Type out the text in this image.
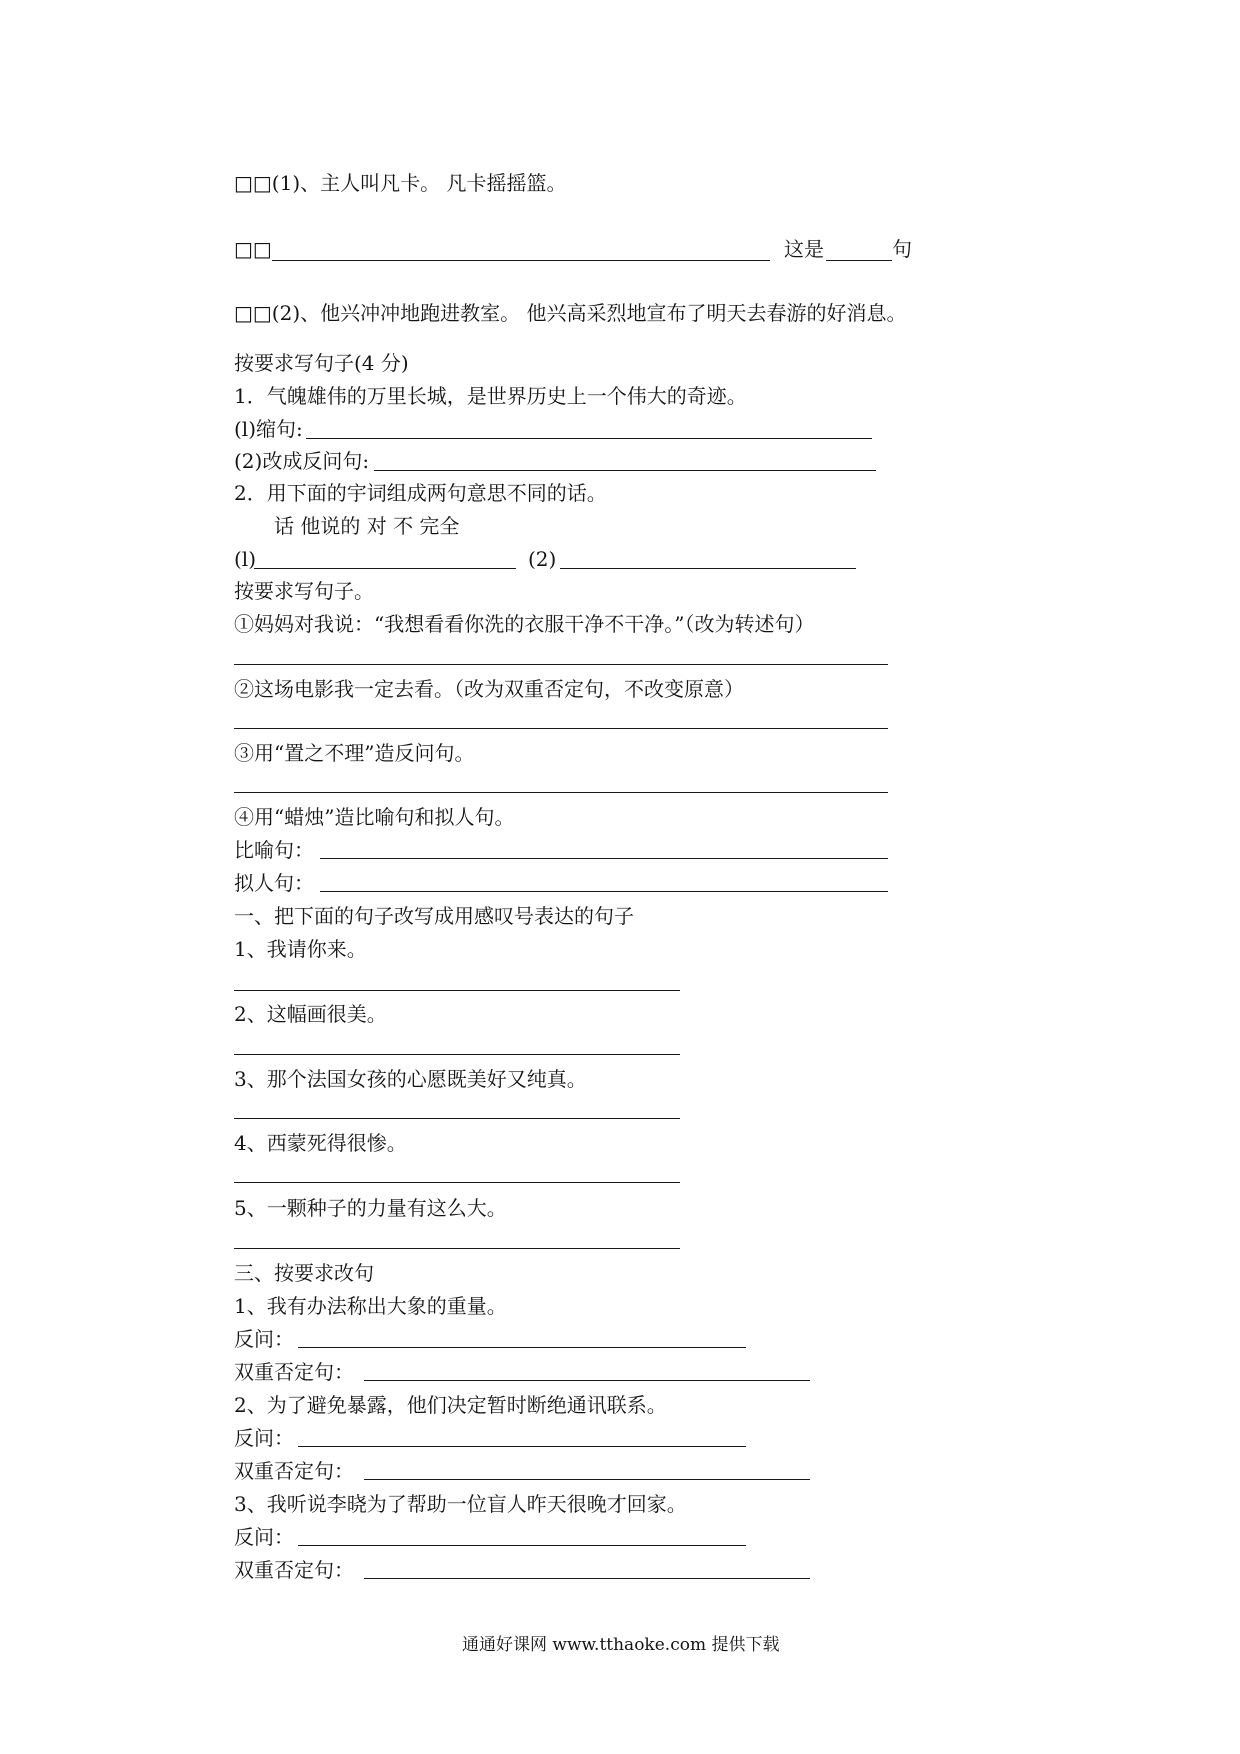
□□(1)、主人叫凡卡。 凡卡摇摇篮。
□□	这是	句
□□(2)、他兴冲冲地跑进教室。 他兴高采烈地宣布了明天去春游的好消息。
按要求写句子(4 分)
1．气魄雄伟的万里长城，是世界历史上一个伟大的奇迹。
(l)缩句:
(2)改成反问句:
2．用下面的宇词组成两句意思不同的话。
话 他说的 对 不 完全
(l)	(2)
按要求写句子。
①妈妈对我说：“我想看看你洗的衣服干净不干净。”（改为转述句）
②这场电影我一定去看。（改为双重否定句，不改变原意）
③用“置之不理”造反问句。
④用“蜡烛”造比喻句和拟人句。
比喻句：
拟人句：
一、把下面的句子改写成用感叹号表达的句子
1、我请你来。
2、这幅画很美。
3、那个法国女孩的心愿既美好又纯真。
4、西蒙死得很惨。
5、一颗种子的力量有这么大。
三、按要求改句
1、我有办法称出大象的重量。
反问：
双重否定句：
2、为了避免暴露，他们决定暂时断绝通讯联系。
反问：
双重否定句：
3、我听说李晓为了帮助一位盲人昨天很晚才回家。
反问：
双重否定句：
通通好课网 www.tthaoke.com 提供下载
